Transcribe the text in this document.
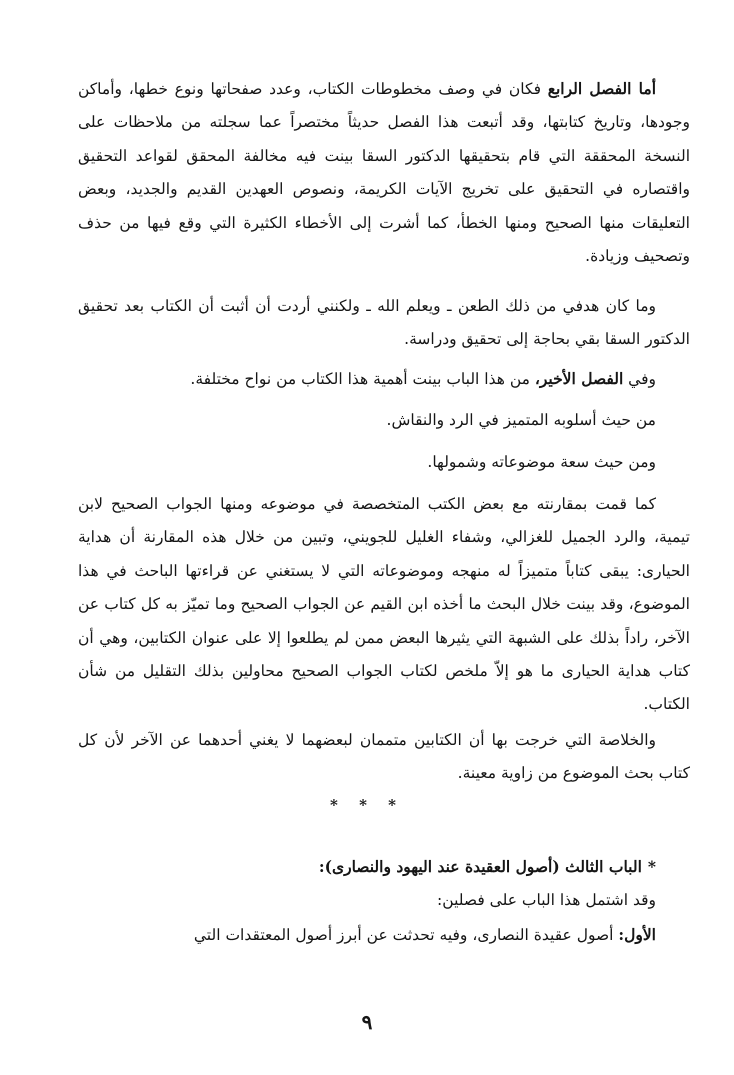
أما الفصل الرابع فكان في وصف مخطوطات الكتاب، وعدد صفحاتها ونوع خطها، وأماكن وجودها، وتاريخ كتابتها، وقد أتبعت هذا الفصل حديثاً مختصراً عما سجلته من ملاحظات على النسخة المحققة التي قام بتحقيقها الدكتور السقا بينت فيه مخالفة المحقق لقواعد التحقيق واقتصاره في التحقيق على تخريج الآيات الكريمة، ونصوص العهدين القديم والجديد، وبعض التعليقات منها الصحيح ومنها الخطأ، كما أشرت إلى الأخطاء الكثيرة التي وقع فيها من حذف وتصحيف وزيادة.

وما كان هدفي من ذلك الطعن ـ ويعلم الله ـ ولكنني أردت أن أثبت أن الكتاب بعد تحقيق الدكتور السقا بقي بحاجة إلى تحقيق ودراسة.

وفي الفصل الأخير، من هذا الباب بينت أهمية هذا الكتاب من نواح مختلفة.

من حيث أسلوبه المتميز في الرد والنقاش.

ومن حيث سعة موضوعاته وشمولها.

كما قمت بمقارنته مع بعض الكتب المتخصصة في موضوعه ومنها الجواب الصحيح لابن تيمية، والرد الجميل للغزالي، وشفاء الغليل للجويني، وتبين من خلال هذه المقارنة أن هداية الحيارى: يبقى كتاباً متميزاً له منهجه وموضوعاته التي لا يستغني عن قراءتها الباحث في هذا الموضوع، وقد بينت خلال البحث ما أخذه ابن القيم عن الجواب الصحيح وما تميّز به كل كتاب عن الآخر، راداً بذلك على الشبهة التي يثيرها البعض ممن لم يطلعوا إلا على عنوان الكتابين، وهي أن كتاب هداية الحيارى ما هو إلاّ ملخص لكتاب الجواب الصحيح محاولين بذلك التقليل من شأن الكتاب.

والخلاصة التي خرجت بها أن الكتابين متممان لبعضهما لا يغني أحدهما عن الآخر لأن كل كتاب بحث الموضوع من زاوية معينة.

* * *

*الباب الثالث (أصول العقيدة عند اليهود والنصارى):

وقد اشتمل هذا الباب على فصلين:

الأول: أصول عقيدة النصارى، وفيه تحدثت عن أبرز أصول المعتقدات التي

٩
